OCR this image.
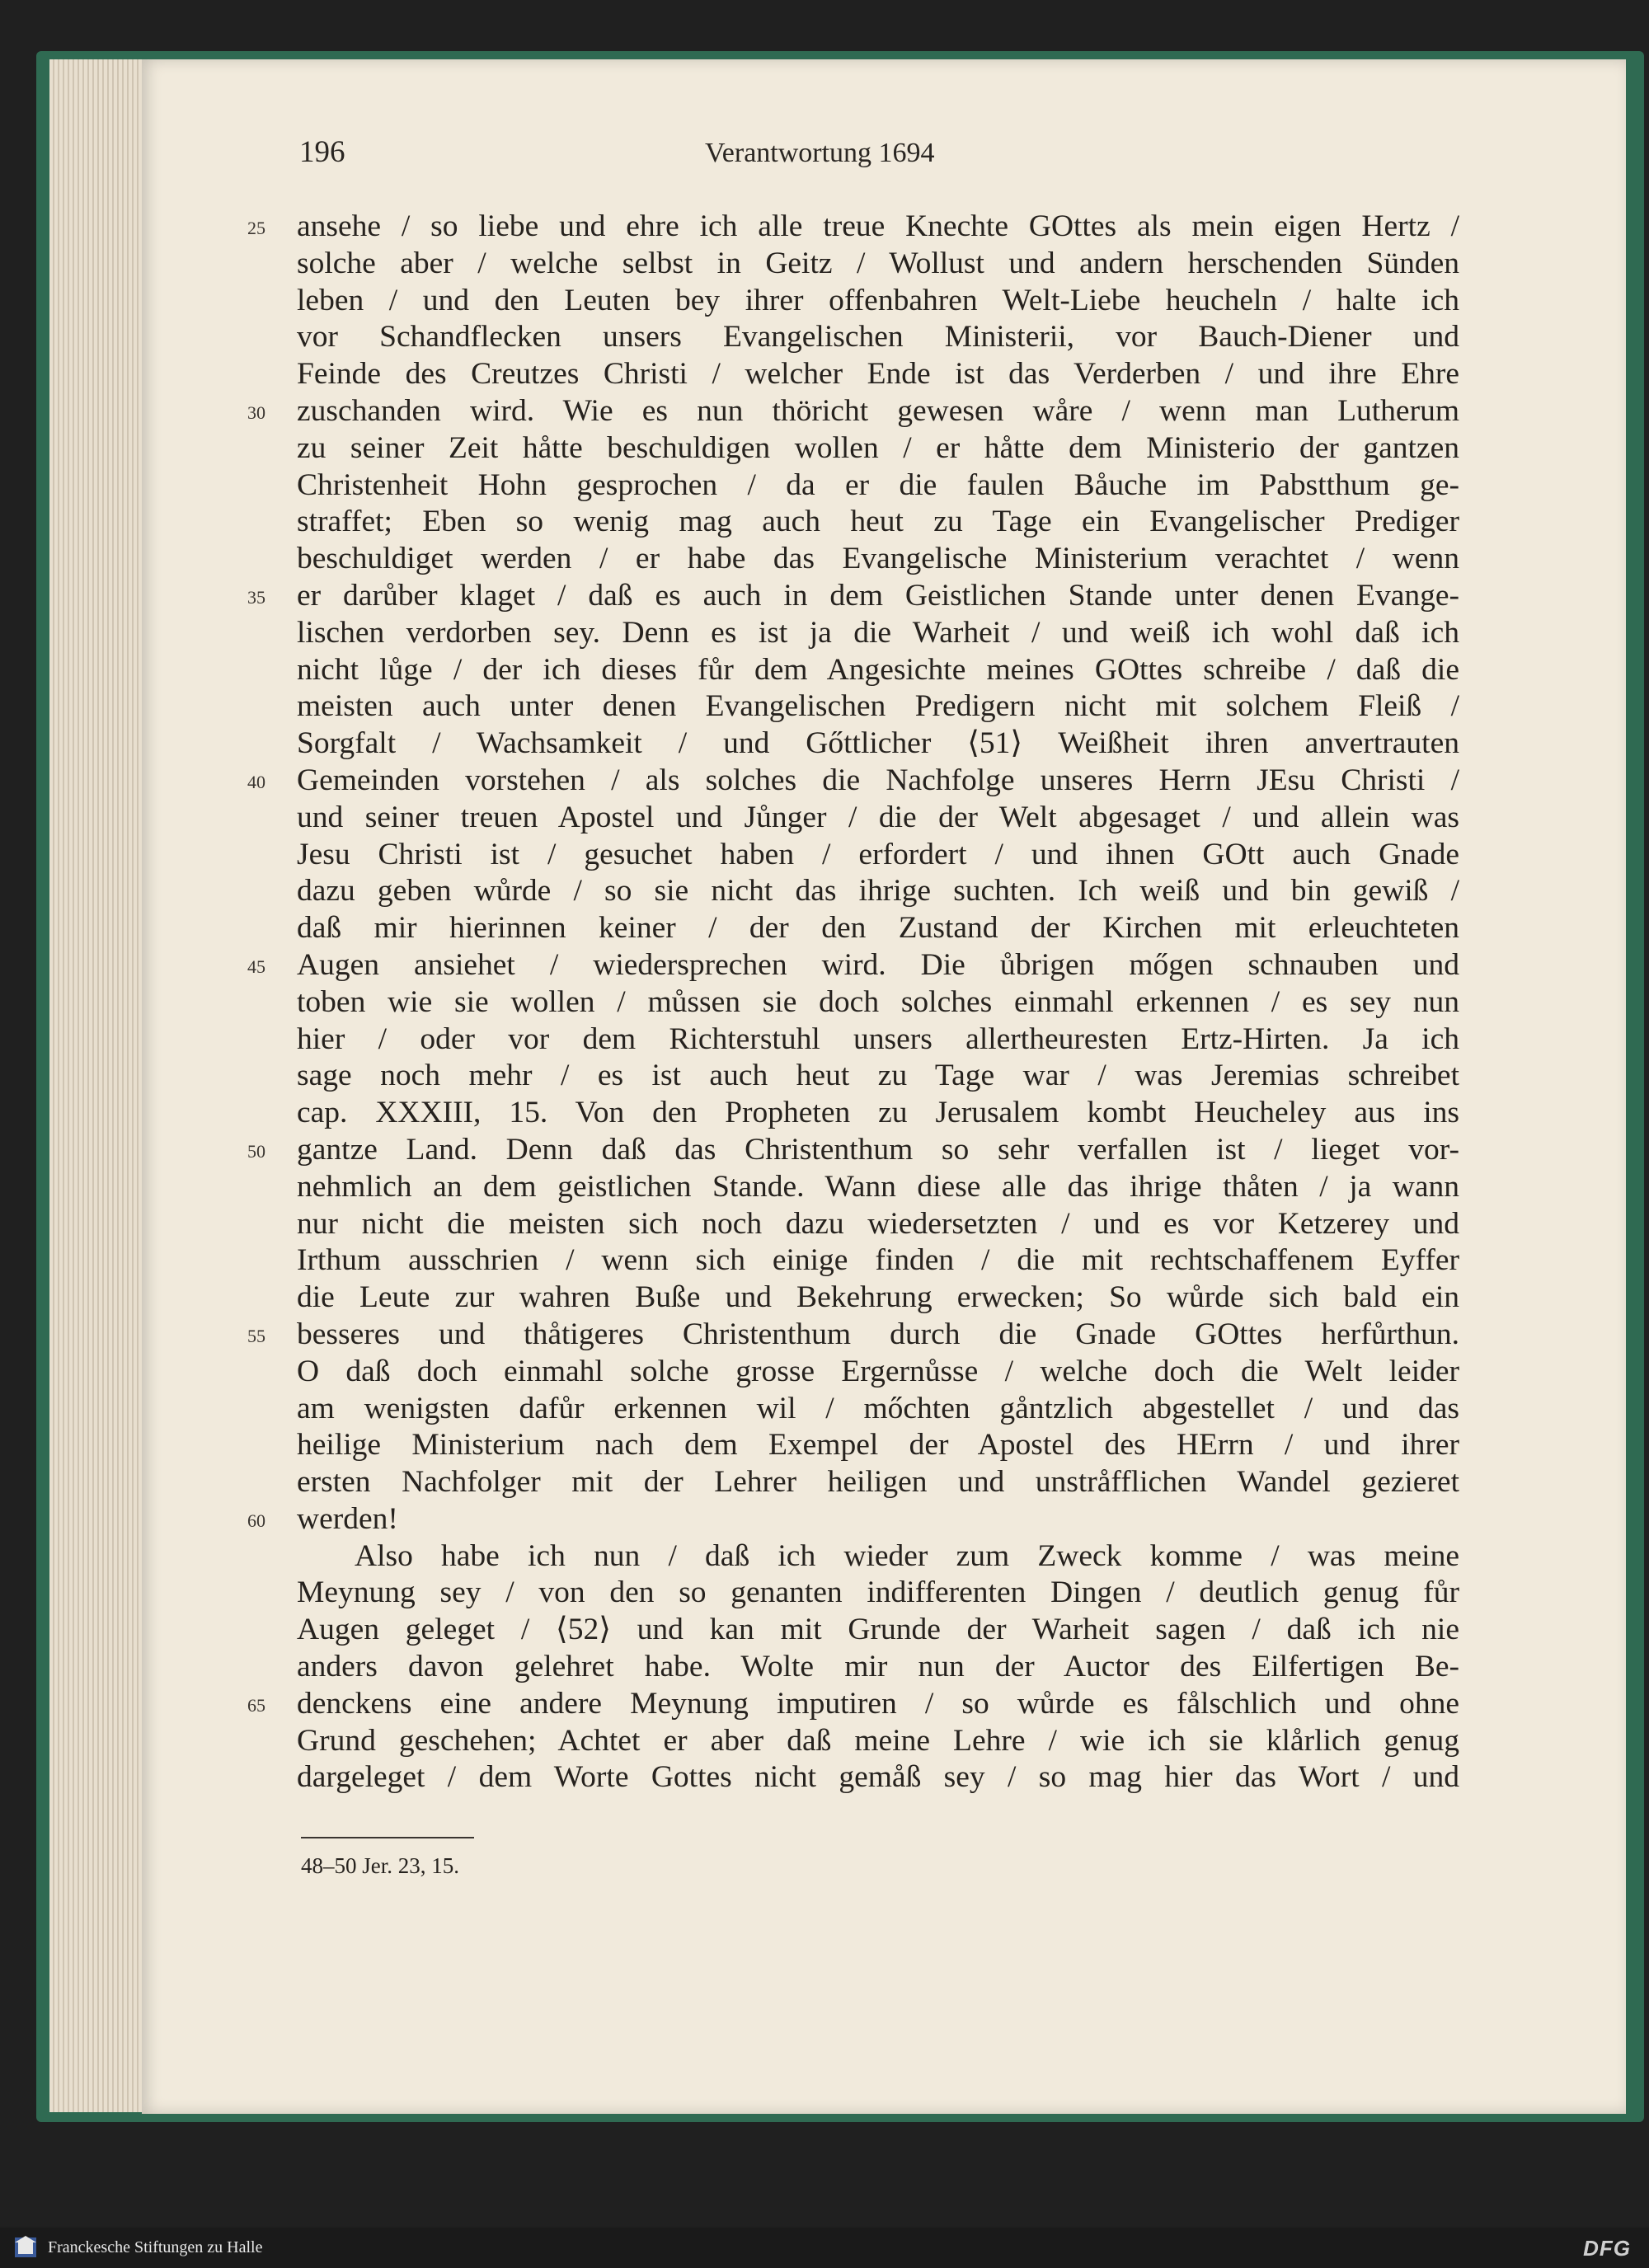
196	Verantwortung 1694
25 ansehe / so liebe und ehre ich alle treue Knechte GOttes als mein eigen Hertz /
solche aber / welche selbst in Geitz / Wollust und andern herschenden Sünden
leben / und den Leuten bey ihrer offenbahren Welt-Liebe heucheln / halte ich
vor Schandflecken unsers Evangelischen Ministerii, vor Bauch-Diener und
Feinde des Creutzes Christi / welcher Ende ist das Verderben / und ihre Ehre
30 zuschanden wird. Wie es nun thöricht gewesen wåre / wenn man Lutherum
zu seiner Zeit håtte beschuldigen wollen / er håtte dem Ministerio der gantzen
Christenheit Hohn gesprochen / da er die faulen Båuche im Pabstthum ge-
straffet; Eben so wenig mag auch heut zu Tage ein Evangelischer Prediger
beschuldiget werden / er habe das Evangelische Ministerium verachtet / wenn
35 er darůber klaget / daß es auch in dem Geistlichen Stande unter denen Evange-
lischen verdorben sey. Denn es ist ja die Warheit / und weiß ich wohl daß ich
nicht lůge / der ich dieses fůr dem Angesichte meines GOttes schreibe / daß die
meisten auch unter denen Evangelischen Predigern nicht mit solchem Fleiß /
Sorgfalt / Wachsamkeit / und Gőttlicher ⟨51⟩ Weißheit ihren anvertrauten
40 Gemeinden vorstehen / als solches die Nachfolge unseres Herrn JEsu Christi /
und seiner treuen Apostel und Jůnger / die der Welt abgesaget / und allein was
Jesu Christi ist / gesuchet haben / erfordert / und ihnen GOtt auch Gnade
dazu geben wůrde / so sie nicht das ihrige suchten. Ich weiß und bin gewiß /
daß mir hierinnen keiner / der den Zustand der Kirchen mit erleuchteten
45 Augen ansiehet / wiedersprechen wird. Die ůbrigen mőgen schnauben und
toben wie sie wollen / můssen sie doch solches einmahl erkennen / es sey nun
hier / oder vor dem Richterstuhl unsers allertheuresten Ertz-Hirten. Ja ich
sage noch mehr / es ist auch heut zu Tage war / was Jeremias schreibet
cap. XXXIII, 15. Von den Propheten zu Jerusalem kombt Heucheley aus ins
50 gantze Land. Denn daß das Christenthum so sehr verfallen ist / lieget vor-
nehmlich an dem geistlichen Stande. Wann diese alle das ihrige thåten / ja wann
nur nicht die meisten sich noch dazu wiedersetzten / und es vor Ketzerey und
Irthum ausschrien / wenn sich einige finden / die mit rechtschaffenem Eyffer
die Leute zur wahren Buße und Bekehrung erwecken; So wůrde sich bald ein
55 besseres und thåtigeres Christenthum durch die Gnade GOttes herfůrthun.
O daß doch einmahl solche grosse Ergernůsse / welche doch die Welt leider
am wenigsten dafůr erkennen wil / mőchten gåntzlich abgestellet / und das
heilige Ministerium nach dem Exempel der Apostel des HErrn / und ihrer
ersten Nachfolger mit der Lehrer heiligen und unstråfflichen Wandel gezieret
60 werden!
Also habe ich nun / daß ich wieder zum Zweck komme / was meine
Meynung sey / von den so genanten indifferenten Dingen / deutlich genug fůr
Augen geleget / ⟨52⟩ und kan mit Grunde der Warheit sagen / daß ich nie
anders davon gelehret habe. Wolte mir nun der Auctor des Eilfertigen Be-
65 denckens eine andere Meynung imputiren / so wůrde es fålschlich und ohne
Grund geschehen; Achtet er aber daß meine Lehre / wie ich sie klårlich genug
dargeleget / dem Worte Gottes nicht gemåß sey / so mag hier das Wort / und
48–50 Jer. 23, 15.
Franckesche Stiftungen zu Halle	DFG
